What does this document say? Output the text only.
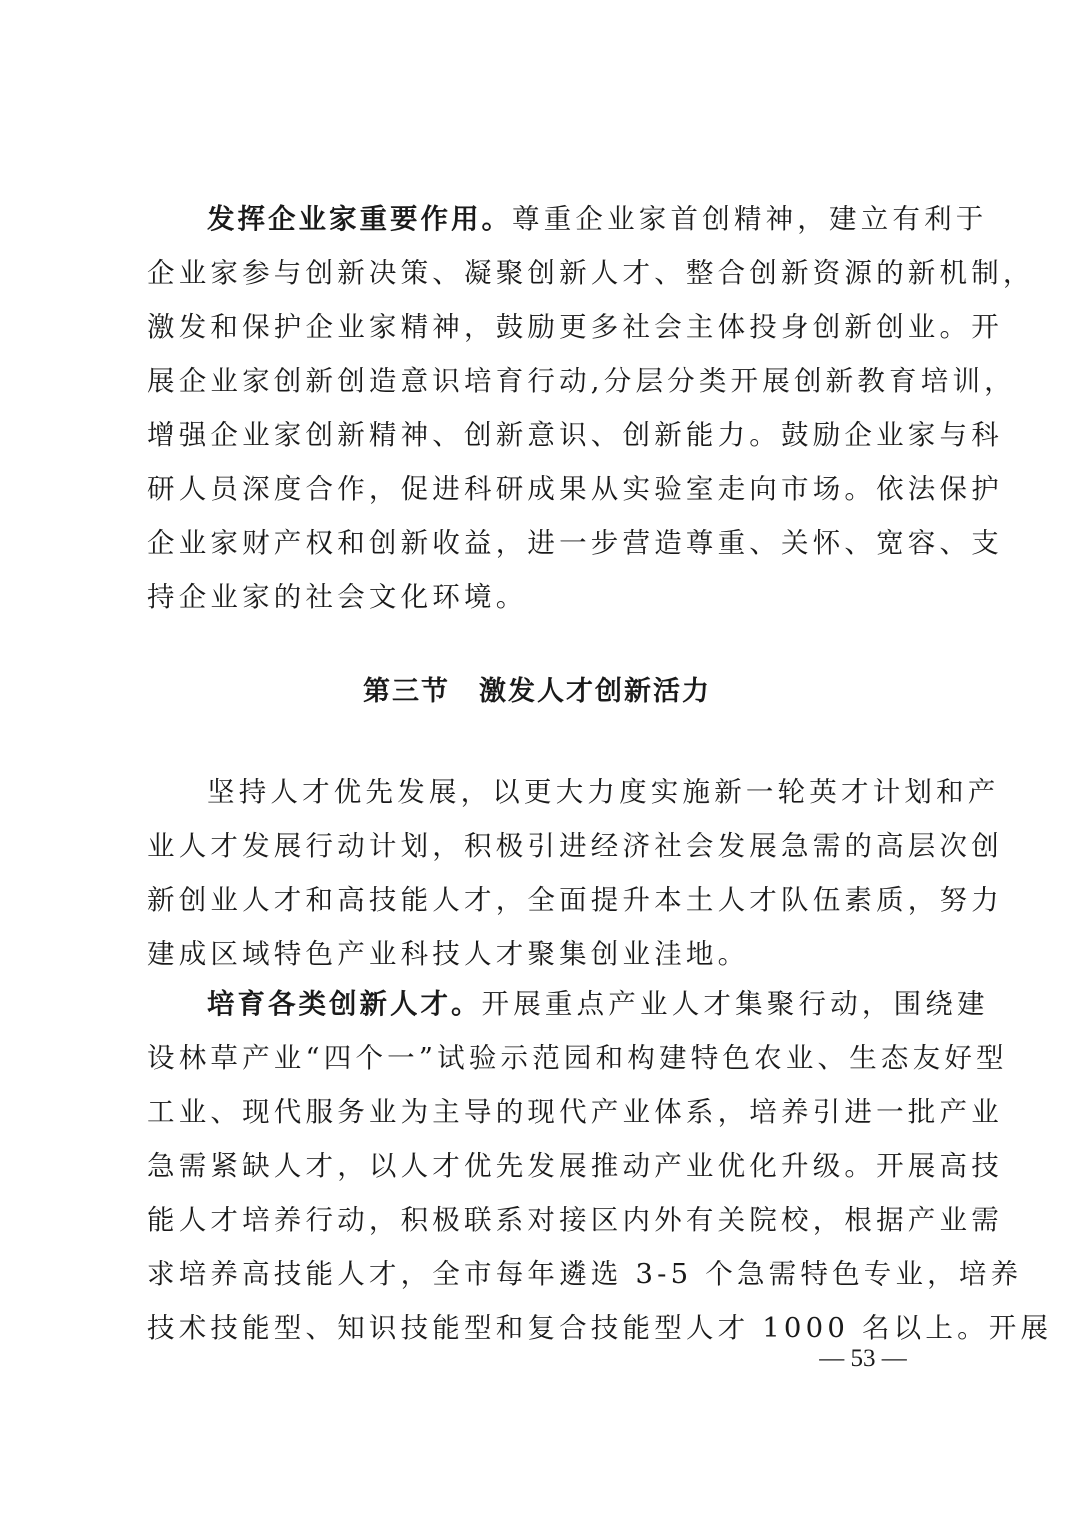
发挥企业家重要作用。尊重企业家首创精神，建立有利于
企业家参与创新决策、凝聚创新人才、整合创新资源的新机制，
激发和保护企业家精神，鼓励更多社会主体投身创新创业。开
展企业家创新创造意识培育行动,分层分类开展创新教育培训，
增强企业家创新精神、创新意识、创新能力。鼓励企业家与科
研人员深度合作，促进科研成果从实验室走向市场。依法保护
企业家财产权和创新收益，进一步营造尊重、关怀、宽容、支
持企业家的社会文化环境。
第三节　激发人才创新活力
坚持人才优先发展，以更大力度实施新一轮英才计划和产
业人才发展行动计划，积极引进经济社会发展急需的高层次创
新创业人才和高技能人才，全面提升本土人才队伍素质，努力
建成区域特色产业科技人才聚集创业洼地。
培育各类创新人才。开展重点产业人才集聚行动，围绕建
设林草产业“四个一”试验示范园和构建特色农业、生态友好型
工业、现代服务业为主导的现代产业体系，培养引进一批产业
急需紧缺人才，以人才优先发展推动产业优化升级。开展高技
能人才培养行动，积极联系对接区内外有关院校，根据产业需
求培养高技能人才，全市每年遴选 3-5 个急需特色专业，培养
技术技能型、知识技能型和复合技能型人才 1000 名以上。开展
— 53 —
